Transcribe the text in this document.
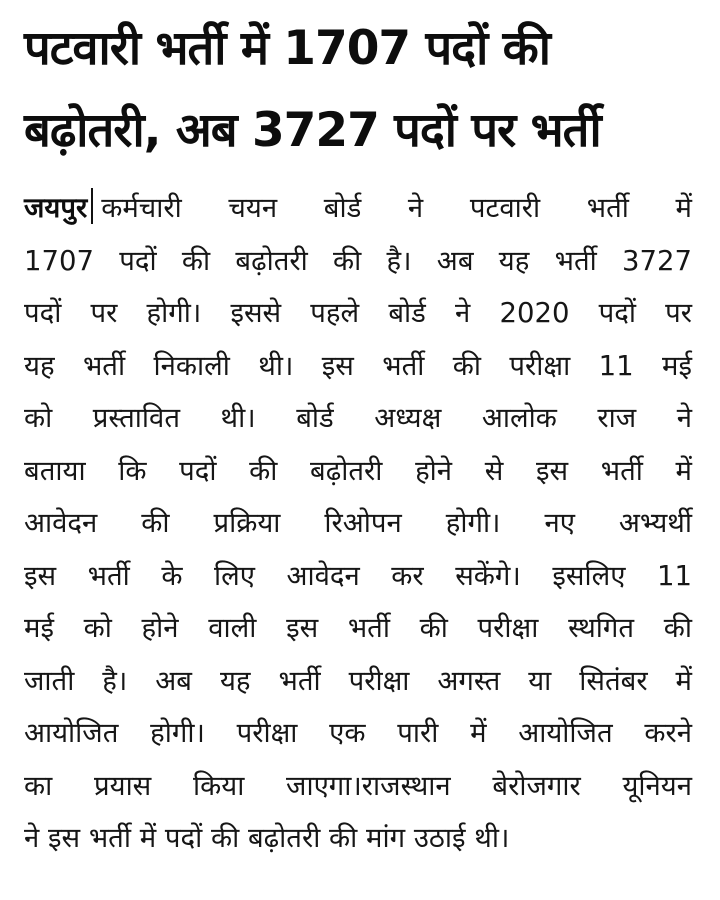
पटवारी भर्ती में 1707 पदों की
बढ़ोतरी, अब 3727 पदों पर भर्ती
जयपुर कर्मचारी चयन बोर्ड ने पटवारी भर्ती में
1707 पदों की बढ़ोतरी की है। अब यह भर्ती 3727
पदों पर होगी। इससे पहले बोर्ड ने 2020 पदों पर
यह भर्ती निकाली थी। इस भर्ती की परीक्षा 11 मई
को प्रस्तावित थी। बोर्ड अध्यक्ष आलोक राज ने
बताया कि पदों की बढ़ोतरी होने से इस भर्ती में
आवेदन की प्रक्रिया रिओपन होगी। नए अभ्यर्थी
इस भर्ती के लिए आवेदन कर सकेंगे। इसलिए 11
मई को होने वाली इस भर्ती की परीक्षा स्थगित की
जाती है। अब यह भर्ती परीक्षा अगस्त या सितंबर में
आयोजित होगी। परीक्षा एक पारी में आयोजित करने
का प्रयास किया जाएगा।राजस्थान बेरोजगार यूनियन
ने इस भर्ती में पदों की बढ़ोतरी की मांग उठाई थी।
